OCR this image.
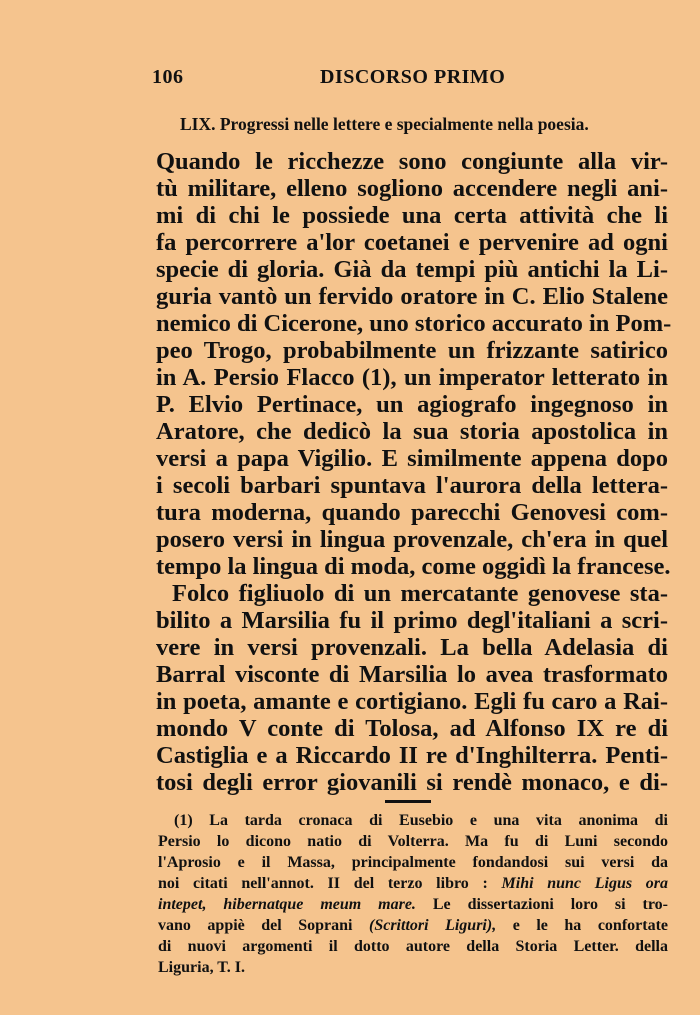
106	DISCORSO PRIMO
LIX. Progressi nelle lettere e specialmente nella poesia.
Quando le ricchezze sono congiunte alla vir-
tù militare, elleno sogliono accendere negli ani-
mi di chi le possiede una certa attività che li
fa percorrere a'lor coetanei e pervenire ad ogni
specie di gloria. Già da tempi più antichi la Li-
guria vantò un fervido oratore in C. Elio Stalene
nemico di Cicerone, uno storico accurato in Pom-
peo Trogo, probabilmente un frizzante satirico
in A. Persio Flacco (1), un imperator letterato in
P. Elvio Pertinace, un agiografo ingegnoso in
Aratore, che dedicò la sua storia apostolica in
versi a papa Vigilio. E similmente appena dopo
i secoli barbari spuntava l'aurora della lettera-
tura moderna, quando parecchi Genovesi com-
posero versi in lingua provenzale, ch'era in quel
tempo la lingua di moda, come oggidì la francese.
Folco figliuolo di un mercatante genovese sta-
bilito a Marsilia fu il primo degl'italiani a scri-
vere in versi provenzali. La bella Adelasia di
Barral visconte di Marsilia lo avea trasformato
in poeta, amante e cortigiano. Egli fu caro a Rai-
mondo V conte di Tolosa, ad Alfonso IX re di
Castiglia e a Riccardo II re d'Inghilterra. Penti-
tosi degli error giovanili si rendè monaco, e di-
(1) La tarda cronaca di Eusebio e una vita anonima di
Persio lo dicono natio di Volterra. Ma fu di Luni secondo
l'Aprosio e il Massa, principalmente fondandosi sui versi da
noi citati nell'annot. II del terzo libro : Mihi nunc Ligus ora
intepet, hibernatque meum mare. Le dissertazioni loro si tro-
vano appiè del Soprani (Scrittori Liguri), e le ha confortate
di nuovi argomenti il dotto autore della Storia Letter. della
Liguria, T. I.
